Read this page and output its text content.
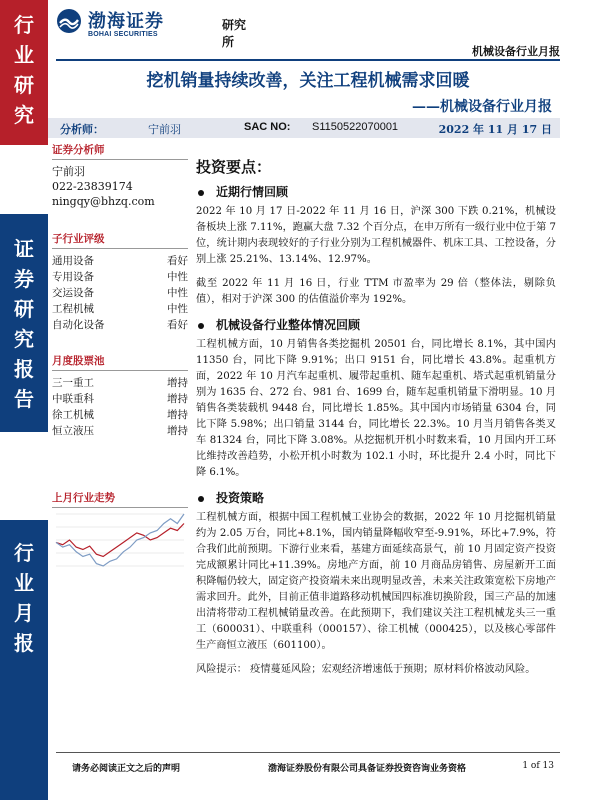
行
业
研
究
证
券
研
究
报
告
行
业
月
报
渤海证券
BOHAI SECURITIES
研究所
机械设备行业月报
挖机销量持续改善，关注工程机械需求回暖
——机械设备行业月报
分析师：	宁前羽	SAC NO: S1150522070001	2022 年 11 月 17 日
证券分析师
宁前羽
022-23839174
ningqy@bhzq.com
子行业评级
通用设备	看好
专用设备	中性
交运设备	中性
工程机械	中性
自动化设备	看好
月度股票池
三一重工	增持
中联重科	增持
徐工机械	增持
恒立液压	增持
上月行业走势
投资要点：
近期行情回顾

2022 年 10 月 17 日-2022 年 11 月 16 日，沪深 300 下跌 0.21%，机械设备板块上涨 7.11%，跑赢大盘 7.32 个百分点，在申万所有一级行业中位于第 7 位，统计期内表现较好的子行业分别为工程机械器件、机床工具、工控设备，分别上涨 25.21%、13.14%、12.97%。

截至 2022 年 11 月 16 日，行业 TTM 市盈率为 29 倍（整体法，剔除负值），相对于沪深 300 的估值溢价率为 192%。

机械设备行业整体情况回顾

工程机械方面，10 月销售各类挖掘机 20501 台，同比增长 8.1%，其中国内 11350 台，同比下降 9.91%；出口 9151 台，同比增长 43.8%。起重机方面，2022 年 10 月汽车起重机、履带起重机、随车起重机、塔式起重机销量分别为 1635 台、272 台、981 台、1699 台，随车起重机销量下滑明显。10 月销售各类装载机 9448 台，同比增长 1.85%。其中国内市场销量 6304 台，同比下降 5.98%；出口销量 3144 台，同比增长 22.3%。10 月当月销售各类叉车 81324 台，同比下降 3.08%。从挖掘机开机小时数来看，10 月国内开工环比维持改善趋势，小松开机小时数为 102.1 小时，环比提升 2.4 小时，同比下降 6.1%。

投资策略

工程机械方面，根据中国工程机械工业协会的数据，2022 年 10 月挖掘机销量约为 2.05 万台，同比+8.1%，国内销量降幅收窄至-9.91%，环比+7.9%，符合我们此前预期。下游行业来看，基建方面延续高景气，前 10 月固定资产投资完成额累计同比+11.39%。房地产方面，前 10 月商品房销售、房屋新开工面积降幅仍较大，固定资产投资端未来出现明显改善，未来关注政策宽松下房地产需求回升。此外，目前正值非道路移动机械国四标准切换阶段，国三产品的加速出清将带动工程机械销量改善。在此预期下，我们建议关注工程机械龙头三一重工（600031）、中联重科（000157）、徐工机械（000425），以及核心零部件生产商恒立液压（601100）。

风险提示： 疫情蔓延风险；宏观经济增速低于预期；原材料价格波动风险。

请务必阅读正文之后的声明	渤海证券股份有限公司具备证券投资咨询业务资格	1 of 13
